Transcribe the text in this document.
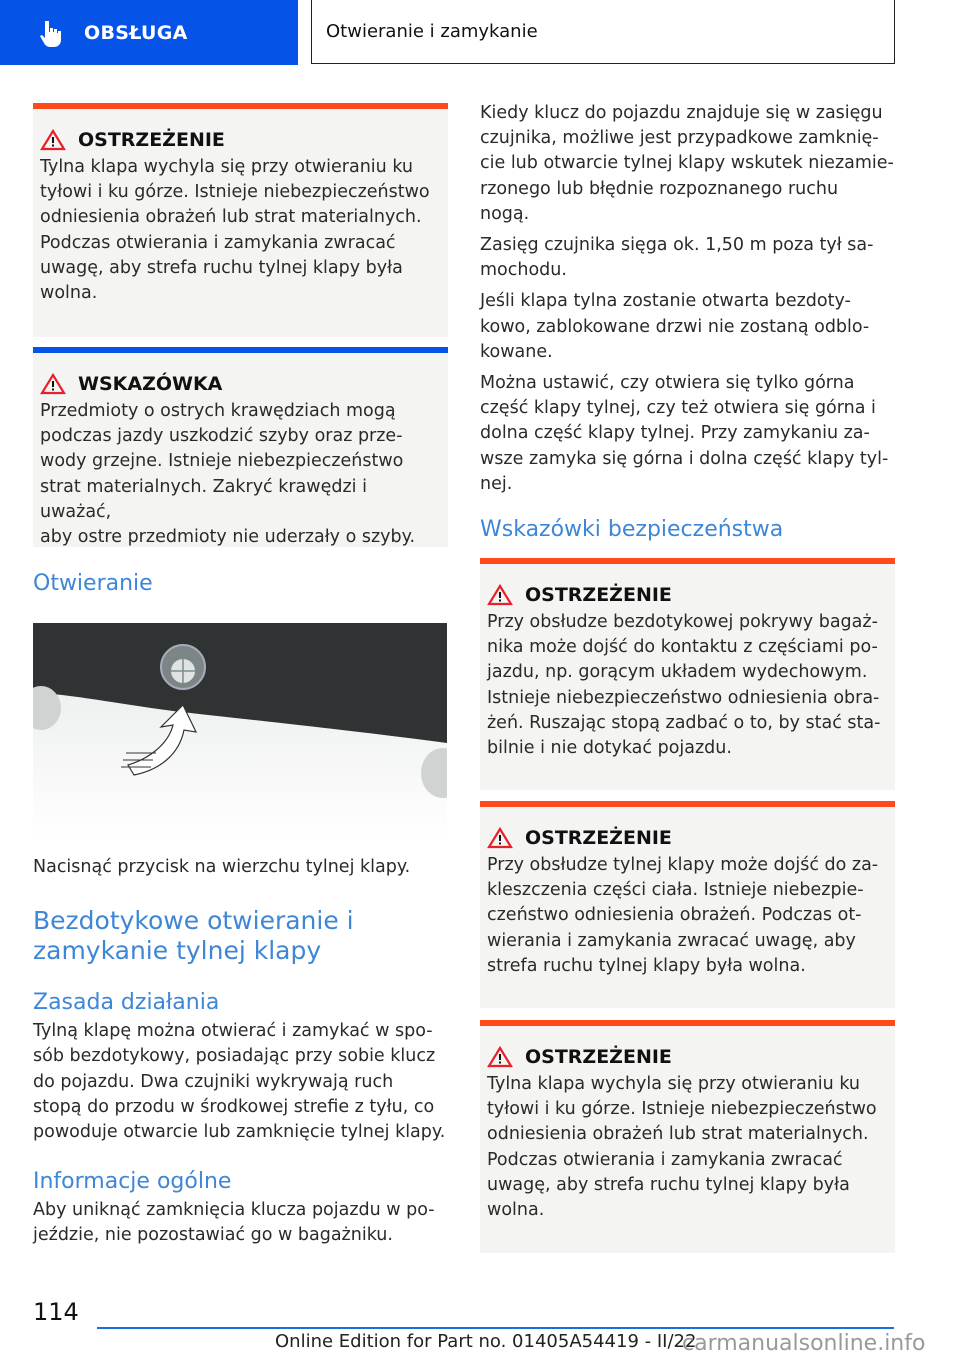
OBSŁUGA	Otwieranie i zamykanie
OSTRZEŻENIE

Tylna klapa wychyla się przy otwieraniu ku
tyłowi i ku górze. Istnieje niebezpieczeństwo
odniesienia obrażeń lub strat materialnych.
Podczas otwierania i zamykania zwracać
uwagę, aby strefa ruchu tylnej klapy była
wolna.

WSKAZÓWKA

Przedmioty o ostrych krawędziach mogą
podczas jazdy uszkodzić szyby oraz prze-
wody grzejne. Istnieje niebezpieczeństwo
strat materialnych. Zakryć krawędzi i uważać,
aby ostre przedmioty nie uderzały o szyby.

Otwieranie

Nacisnąć przycisk na wierzchu tylnej klapy.

Bezdotykowe otwieranie i
zamykanie tylnej klapy
Zasada działania

Tylną klapę można otwierać i zamykać w spo-
sób bezdotykowy, posiadając przy sobie klucz
do pojazdu. Dwa czujniki wykrywają ruch
stopą do przodu w środkowej strefie z tyłu, co
powoduje otwarcie lub zamknięcie tylnej klapy.

Informacje ogólne

Aby uniknąć zamknięcia klucza pojazdu w po-
jeździe, nie pozostawiać go w bagażniku.

Kiedy klucz do pojazdu znajduje się w zasięgu
czujnika, możliwe jest przypadkowe zamknię-
cie lub otwarcie tylnej klapy wskutek niezamie-
rzonego lub błędnie rozpoznanego ruchu
nogą.

Zasięg czujnika sięga ok. 1,50 m poza tył sa-
mochodu.

Jeśli klapa tylna zostanie otwarta bezdoty-
kowo, zablokowane drzwi nie zostaną odblo-
kowane.

Można ustawić, czy otwiera się tylko górna
część klapy tylnej, czy też otwiera się górna i
dolna część klapy tylnej. Przy zamykaniu za-
wsze zamyka się górna i dolna część klapy tyl-
nej.

Wskazówki bezpieczeństwa
OSTRZEŻENIE

Przy obsłudze bezdotykowej pokrywy bagaż-
nika może dojść do kontaktu z częściami po-
jazdu, np. gorącym układem wydechowym.
Istnieje niebezpieczeństwo odniesienia obra-
żeń. Ruszając stopą zadbać o to, by stać sta-
bilnie i nie dotykać pojazdu.

OSTRZEŻENIE

Przy obsłudze tylnej klapy może dojść do za-
kleszczenia części ciała. Istnieje niebezpie-
czeństwo odniesienia obrażeń. Podczas ot-
wierania i zamykania zwracać uwagę, aby
strefa ruchu tylnej klapy była wolna.

OSTRZEŻENIE

Tylna klapa wychyla się przy otwieraniu ku
tyłowi i ku górze. Istnieje niebezpieczeństwo
odniesienia obrażeń lub strat materialnych.
Podczas otwierania i zamykania zwracać
uwagę, aby strefa ruchu tylnej klapy była
wolna.

114
Online Edition for Part no. 01405A54419 - II/22
carmanualsonline.info
